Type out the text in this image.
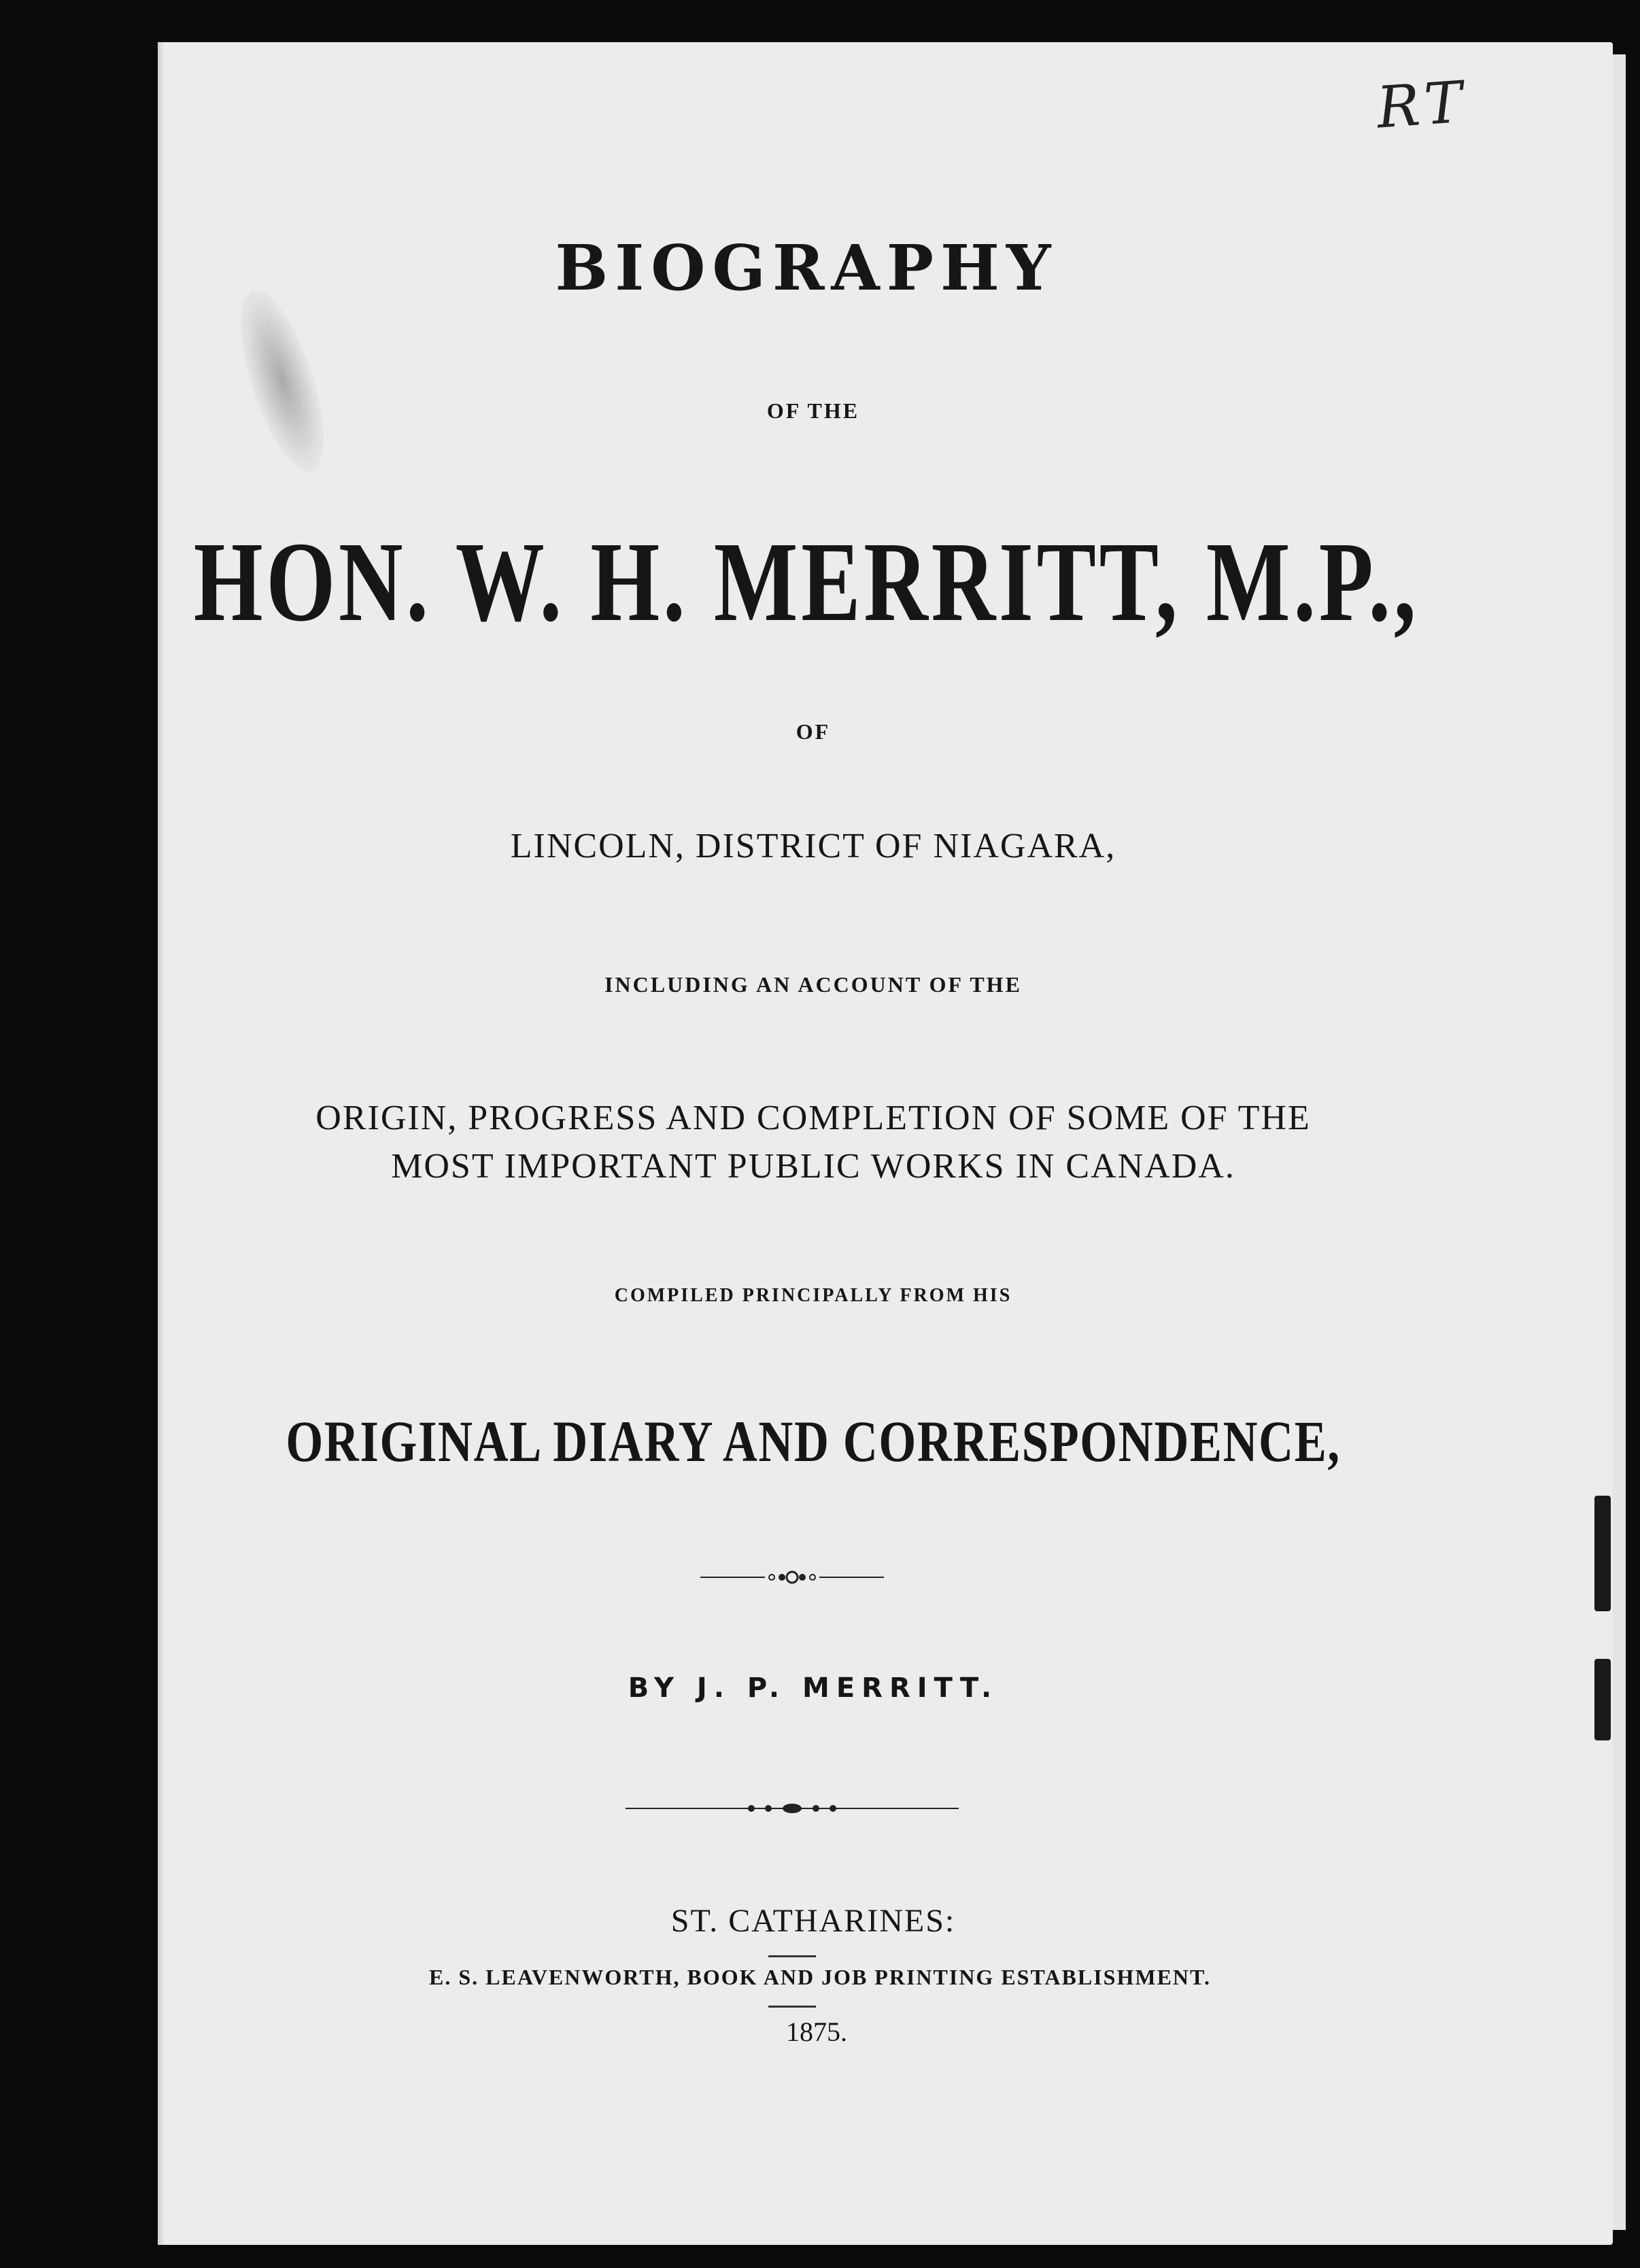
RT
BIOGRAPHY
OF THE
HON. W. H. MERRITT, M.P.,
OF
LINCOLN, DISTRICT OF NIAGARA,
INCLUDING AN ACCOUNT OF THE
ORIGIN, PROGRESS AND COMPLETION OF SOME OF THE
MOST IMPORTANT PUBLIC WORKS IN CANADA.
COMPILED PRINCIPALLY FROM HIS
ORIGINAL DIARY AND CORRESPONDENCE,
BY J. P. MERRITT.
ST. CATHARINES:
E. S. LEAVENWORTH, BOOK AND JOB PRINTING ESTABLISHMENT.
1875.
